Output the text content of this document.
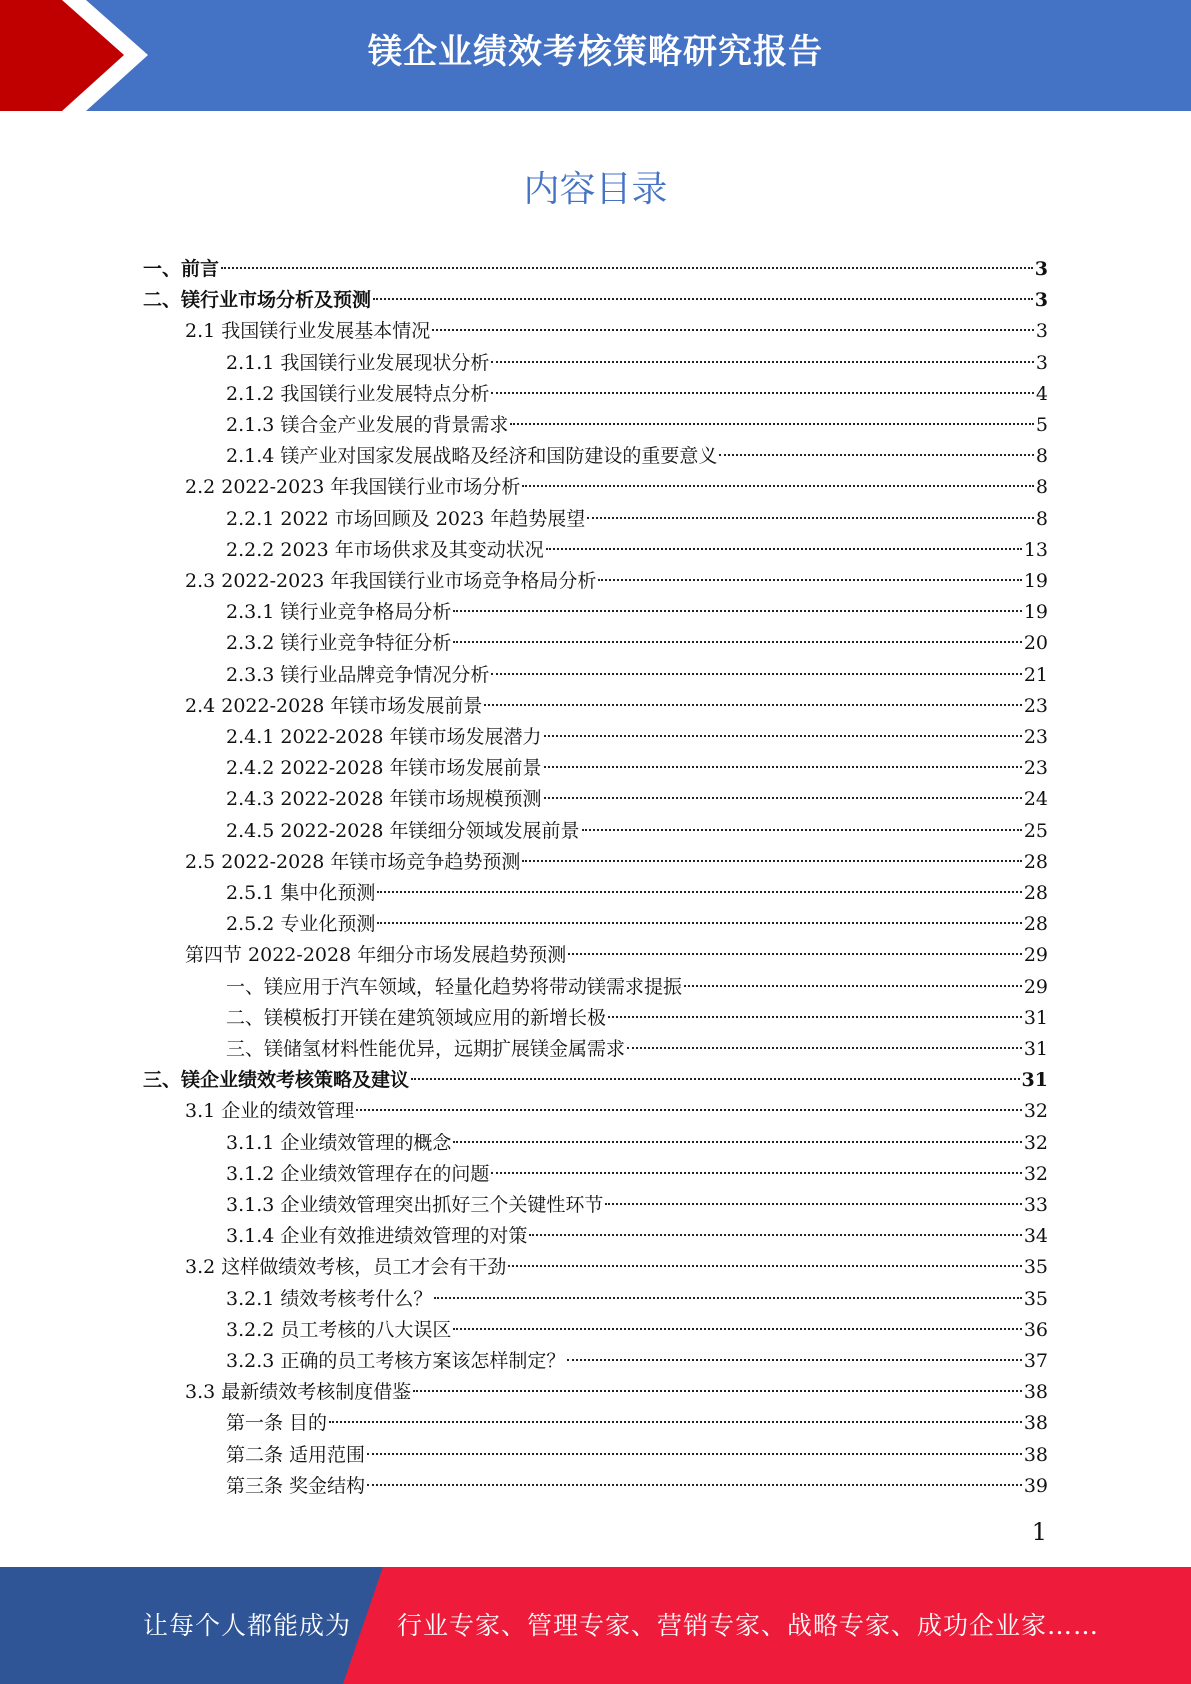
镁企业绩效考核策略研究报告
内容目录
一、前言	3
二、镁行业市场分析及预测	3
2.1 我国镁行业发展基本情况	3
2.1.1 我国镁行业发展现状分析	3
2.1.2 我国镁行业发展特点分析	4
2.1.3 镁合金产业发展的背景需求	5
2.1.4 镁产业对国家发展战略及经济和国防建设的重要意义	8
2.2 2022-2023 年我国镁行业市场分析	8
2.2.1 2022 市场回顾及 2023 年趋势展望	8
2.2.2 2023 年市场供求及其变动状况	13
2.3 2022-2023 年我国镁行业市场竞争格局分析	19
2.3.1 镁行业竞争格局分析	19
2.3.2 镁行业竞争特征分析	20
2.3.3 镁行业品牌竞争情况分析	21
2.4 2022-2028 年镁市场发展前景	23
2.4.1 2022-2028 年镁市场发展潜力	23
2.4.2 2022-2028 年镁市场发展前景	23
2.4.3 2022-2028 年镁市场规模预测	24
2.4.5 2022-2028 年镁细分领域发展前景	25
2.5 2022-2028 年镁市场竞争趋势预测	28
2.5.1 集中化预测	28
2.5.2 专业化预测	28
第四节 2022-2028 年细分市场发展趋势预测	29
一、镁应用于汽车领域，轻量化趋势将带动镁需求提振	29
二、镁模板打开镁在建筑领域应用的新增长极	31
三、镁储氢材料性能优异，远期扩展镁金属需求	31
三、镁企业绩效考核策略及建议	31
3.1 企业的绩效管理	32
3.1.1 企业绩效管理的概念	32
3.1.2 企业绩效管理存在的问题	32
3.1.3 企业绩效管理突出抓好三个关键性环节	33
3.1.4 企业有效推进绩效管理的对策	34
3.2 这样做绩效考核，员工才会有干劲	35
3.2.1 绩效考核考什么？	35
3.2.2 员工考核的八大误区	36
3.2.3 正确的员工考核方案该怎样制定？	37
3.3 最新绩效考核制度借鉴	38
第一条 目的	38
第二条 适用范围	38
第三条 奖金结构	39
1
让每个人都能成为 行业专家、管理专家、营销专家、战略专家、成功企业家……
